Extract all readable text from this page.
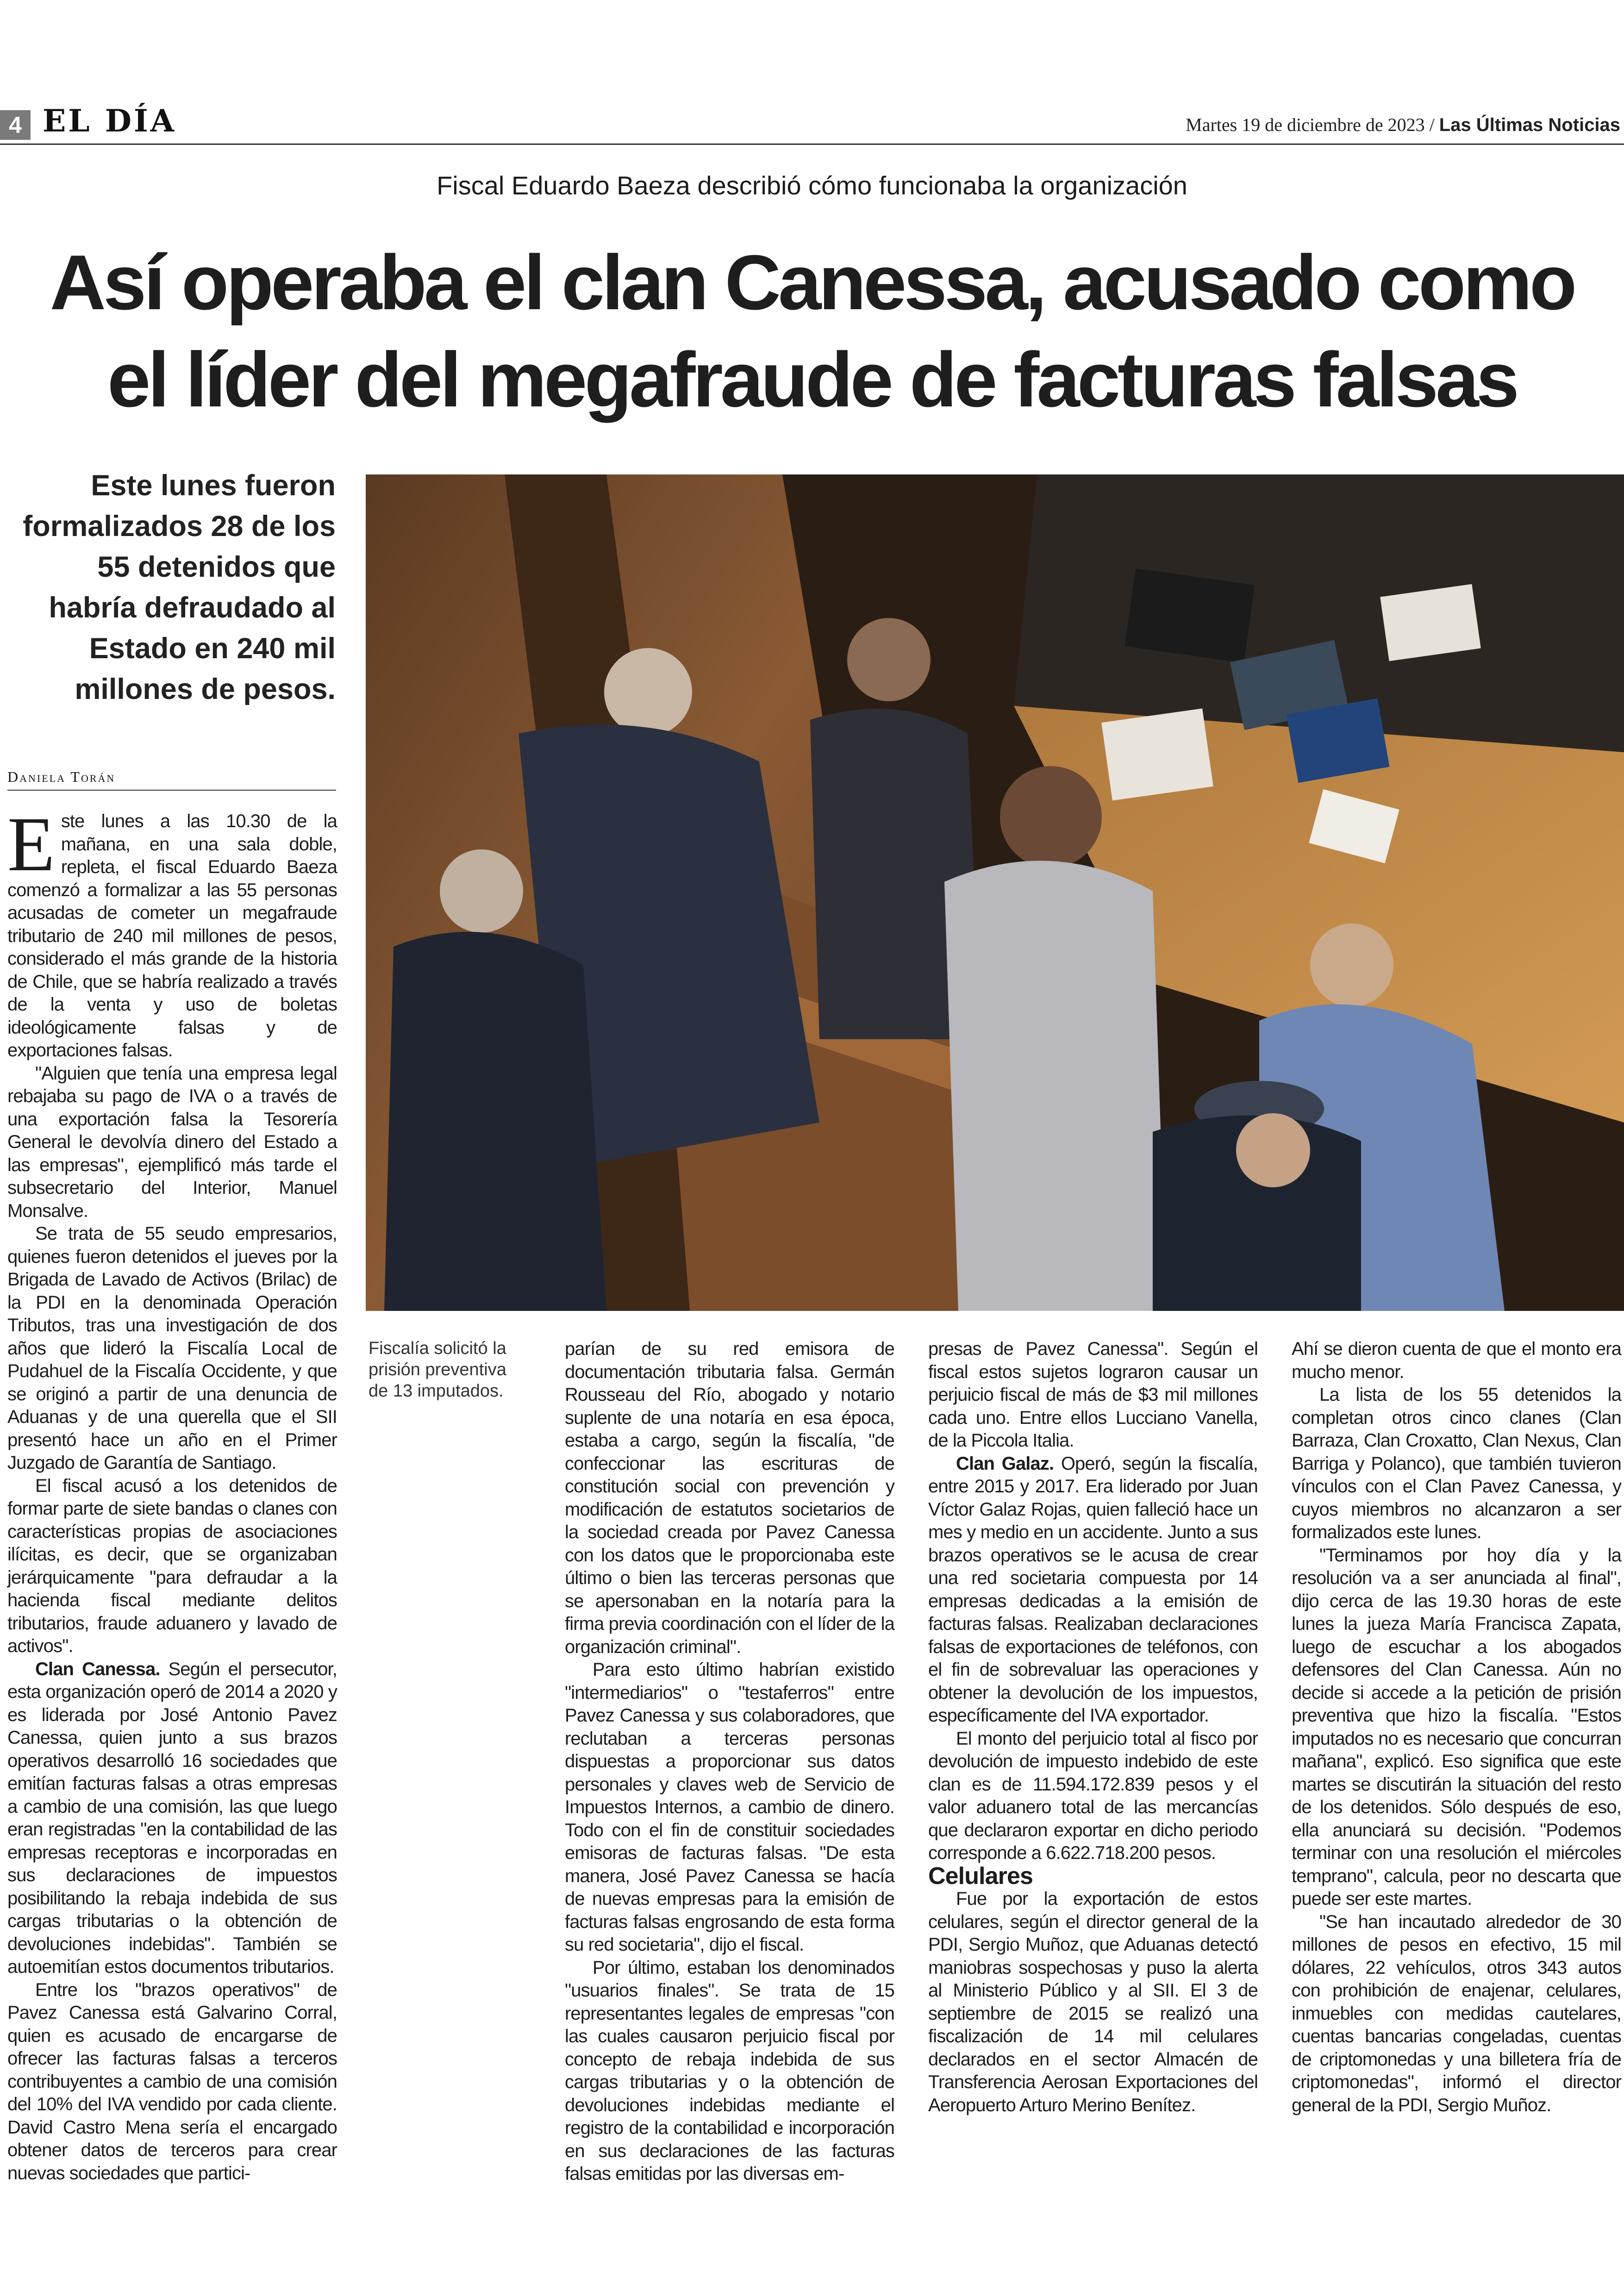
4 EL DÍA	Martes 19 de diciembre de 2023 / Las Últimas Noticias
Fiscal Eduardo Baeza describió cómo funcionaba la organización
Así operaba el clan Canessa, acusado como
el líder del megafraude de facturas falsas
Este lunes fueron formalizados 28 de los 55 detenidos que habría defraudado al Estado en 240 mil millones de pesos.
Daniela Torán
Fiscalía solicitó la prisión preventiva de 13 imputados.

Este lunes a las 10.30 de la mañana, en una sala doble, repleta, el fiscal Eduardo Baeza comenzó a formalizar a las 55 personas acusadas de cometer un megafraude tributario de 240 mil millones de pesos, considerado el más grande de la historia de Chile, que se habría realizado a través de la venta y uso de boletas ideológicamente falsas y de exportaciones falsas.

"Alguien que tenía una empresa legal rebajaba su pago de IVA o a través de una exportación falsa la Tesorería General le devolvía dinero del Estado a las empresas", ejemplificó más tarde el subsecretario del Interior, Manuel Monsalve.

Se trata de 55 seudo empresarios, quienes fueron detenidos el jueves por la Brigada de Lavado de Activos (Brilac) de la PDI en la denominada Operación Tributos, tras una investigación de dos años que lideró la Fiscalía Local de Pudahuel de la Fiscalía Occidente, y que se originó a partir de una denuncia de Aduanas y de una querella que el SII presentó hace un año en el Primer Juzgado de Garantía de Santiago.

El fiscal acusó a los detenidos de formar parte de siete bandas o clanes con características propias de asociaciones ilícitas, es decir, que se organizaban jerárquicamente "para defraudar a la hacienda fiscal mediante delitos tributarios, fraude aduanero y lavado de activos".

Clan Canessa. Según el persecutor, esta organización operó de 2014 a 2020 y es liderada por José Antonio Pavez Canessa, quien junto a sus brazos operativos desarrolló 16 sociedades que emitían facturas falsas a otras empresas a cambio de una comisión, las que luego eran registradas "en la contabilidad de las empresas receptoras e incorporadas en sus declaraciones de impuestos posibilitando la rebaja indebida de sus cargas tributarias o la obtención de devoluciones indebidas". También se autoemitían estos documentos tributarios.

Entre los "brazos operativos" de Pavez Canessa está Galvarino Corral, quien es acusado de encargarse de ofrecer las facturas falsas a terceros contribuyentes a cambio de una comisión del 10% del IVA vendido por cada cliente. David Castro Mena sería el encargado obtener datos de terceros para crear nuevas sociedades que partici-

parían de su red emisora de documentación tributaria falsa. Germán Rousseau del Río, abogado y notario suplente de una notaría en esa época, estaba a cargo, según la fiscalía, "de confeccionar las escrituras de constitución social con prevención y modificación de estatutos societarios de la sociedad creada por Pavez Canessa con los datos que le proporcionaba este último o bien las terceras personas que se apersonaban en la notaría para la firma previa coordinación con el líder de la organización criminal".

Para esto último habrían existido "intermediarios" o "testaferros" entre Pavez Canessa y sus colaboradores, que reclutaban a terceras personas dispuestas a proporcionar sus datos personales y claves web de Servicio de Impuestos Internos, a cambio de dinero. Todo con el fin de constituir sociedades emisoras de facturas falsas. "De esta manera, José Pavez Canessa se hacía de nuevas empresas para la emisión de facturas falsas engrosando de esta forma su red societaria", dijo el fiscal.

Por último, estaban los denominados "usuarios finales". Se trata de 15 representantes legales de empresas "con las cuales causaron perjuicio fiscal por concepto de rebaja indebida de sus cargas tributarias y o la obtención de devoluciones indebidas mediante el registro de la contabilidad e incorporación en sus declaraciones de las facturas falsas emitidas por las diversas em-

presas de Pavez Canessa". Según el fiscal estos sujetos lograron causar un perjuicio fiscal de más de $3 mil millones cada uno. Entre ellos Lucciano Vanella, de la Piccola Italia.

Clan Galaz. Operó, según la fiscalía, entre 2015 y 2017. Era liderado por Juan Víctor Galaz Rojas, quien falleció hace un mes y medio en un accidente. Junto a sus brazos operativos se le acusa de crear una red societaria compuesta por 14 empresas dedicadas a la emisión de facturas falsas. Realizaban declaraciones falsas de exportaciones de teléfonos, con el fin de sobrevaluar las operaciones y obtener la devolución de los impuestos, específicamente del IVA exportador.

El monto del perjuicio total al fisco por devolución de impuesto indebido de este clan es de 11.594.172.839 pesos y el valor aduanero total de las mercancías que declararon exportar en dicho periodo corresponde a 6.622.718.200 pesos.

Celulares

Fue por la exportación de estos celulares, según el director general de la PDI, Sergio Muñoz, que Aduanas detectó maniobras sospechosas y puso la alerta al Ministerio Público y al SII. El 3 de septiembre de 2015 se realizó una fiscalización de 14 mil celulares declarados en el sector Almacén de Transferencia Aerosan Exportaciones del Aeropuerto Arturo Merino Benítez.

Ahí se dieron cuenta de que el monto era mucho menor.

La lista de los 55 detenidos la completan otros cinco clanes (Clan Barraza, Clan Croxatto, Clan Nexus, Clan Barriga y Polanco), que también tuvieron vínculos con el Clan Pavez Canessa, y cuyos miembros no alcanzaron a ser formalizados este lunes.

"Terminamos por hoy día y la resolución va a ser anunciada al final", dijo cerca de las 19.30 horas de este lunes la jueza María Francisca Zapata, luego de escuchar a los abogados defensores del Clan Canessa. Aún no decide si accede a la petición de prisión preventiva que hizo la fiscalía. "Estos imputados no es necesario que concurran mañana", explicó. Eso significa que este martes se discutirán la situación del resto de los detenidos. Sólo después de eso, ella anunciará su decisión. "Podemos terminar con una resolución el miércoles temprano", calcula, peor no descarta que puede ser este martes.

"Se han incautado alrededor de 30 millones de pesos en efectivo, 15 mil dólares, 22 vehículos, otros 343 autos con prohibición de enajenar, celulares, inmuebles con medidas cautelares, cuentas bancarias congeladas, cuentas de criptomonedas y una billetera fría de criptomonedas", informó el director general de la PDI, Sergio Muñoz.
